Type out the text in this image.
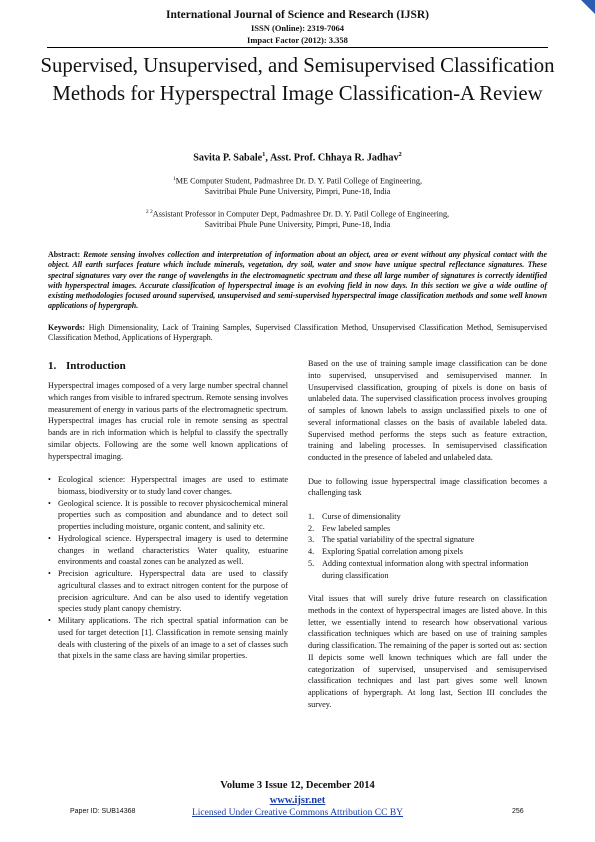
International Journal of Science and Research (IJSR)
ISSN (Online): 2319-7064
Impact Factor (2012): 3.358
Supervised, Unsupervised, and Semisupervised Classification Methods for Hyperspectral Image Classification-A Review
Savita P. Sabale$^1$, Asst. Prof. Chhaya R. Jadhav$^2$
$^1$ME Computer Student, Padmashree Dr. D. Y. Patil College of Engineering,
Savitribai Phule Pune University, Pimpri, Pune-18, India
$^{2 2}$Assistant Professor in Computer Dept, Padmashree Dr. D. Y. Patil College of Engineering,
Savitribai Phule Pune University, Pimpri, Pune-18, India
Abstract: Remote sensing involves collection and interpretation of information about an object, area or event without any physical contact with the object. All earth surfaces feature which include minerals, vegetation, dry soil, water and snow have unique spectral reflectance signatures. These spectral signatures vary over the range of wavelengths in the electromagnetic spectrum and these all large number of signatures is correctly identified with hyperspectral images. Accurate classification of hyperspectral image is an evolving field in now days. In this section we give a wide outline of existing methodologies focused around supervised, unsupervised and semi-supervised hyperspectral image classification methods and some well known applications of hypergraph.
Keywords: High Dimensionality, Lack of Training Samples, Supervised Classification Method, Unsupervised Classification Method, Semisupervised Classification Method, Applications of Hypergraph.
1. Introduction

Hyperspectral images composed of a very large number spectral channel which ranges from visible to infrared spectrum. Remote sensing involves measurement of energy in various parts of the electromagnetic spectrum. Hyperspectral images has crucial role in remote sensing as spectral bands are in rich information which is helpful to classify the spectrally similar objects. Following are the some well known applications of hyperspectral imaging.

• Ecological science: Hyperspectral images are used to estimate biomass, biodiversity or to study land cover changes.
• Geological science. It is possible to recover physicochemical mineral properties such as composition and abundance and to detect soil properties including moisture, organic content, and salinity etc.
• Hydrological science. Hyperspectral imagery is used to determine changes in wetland characteristics Water quality, estuarine environments and coastal zones can be analyzed as well.
• Precision agriculture. Hyperspectral data are used to classify agricultural classes and to extract nitrogen content for the purpose of precision agriculture. And can be also used to identify vegetation species study plant canopy chemistry.
• Military applications. The rich spectral spatial information can be used for target detection [1]. Classification in remote sensing mainly deals with clustering of the pixels of an image to a set of classes such that pixels in the same class are having similar properties.

Based on the use of training sample image classification can be done into supervised, unsupervised and semisupervised manner. In Unsupervised classification, grouping of pixels is done on basis of unlabeled data. The supervised classification process involves grouping of samples of known labels to assign unclassified pixels to one of several informational classes on the basis of available labeled data. Supervised method performs the steps such as feature extraction, training and labeling processes. In semisupervised classification conducted in the presence of labeled and unlabeled data.

Due to following issue hyperspectral image classification becomes a challenging task

1. Curse of dimensionality
2. Few labeled samples
3. The spatial variability of the spectral signature
4. Exploring Spatial correlation among pixels
5. Adding contextual information along with spectral information during classification

Vital issues that will surely drive future research on classification methods in the context of hyperspectral images are listed above. In this letter, we essentially intend to research how observational various classification techniques which are based on use of training samples during classification. The remaining of the paper is sorted out as: section II depicts some well known techniques which are fall under the categorization of supervised, unsupervised and semisupervised classification techniques and last part gives some well known applications of hypergraph. At long last, Section III concludes the survey.

Volume 3 Issue 12, December 2014
www.ijsr.net
Licensed Under Creative Commons Attribution CC BY
Paper ID: SUB14368	256
